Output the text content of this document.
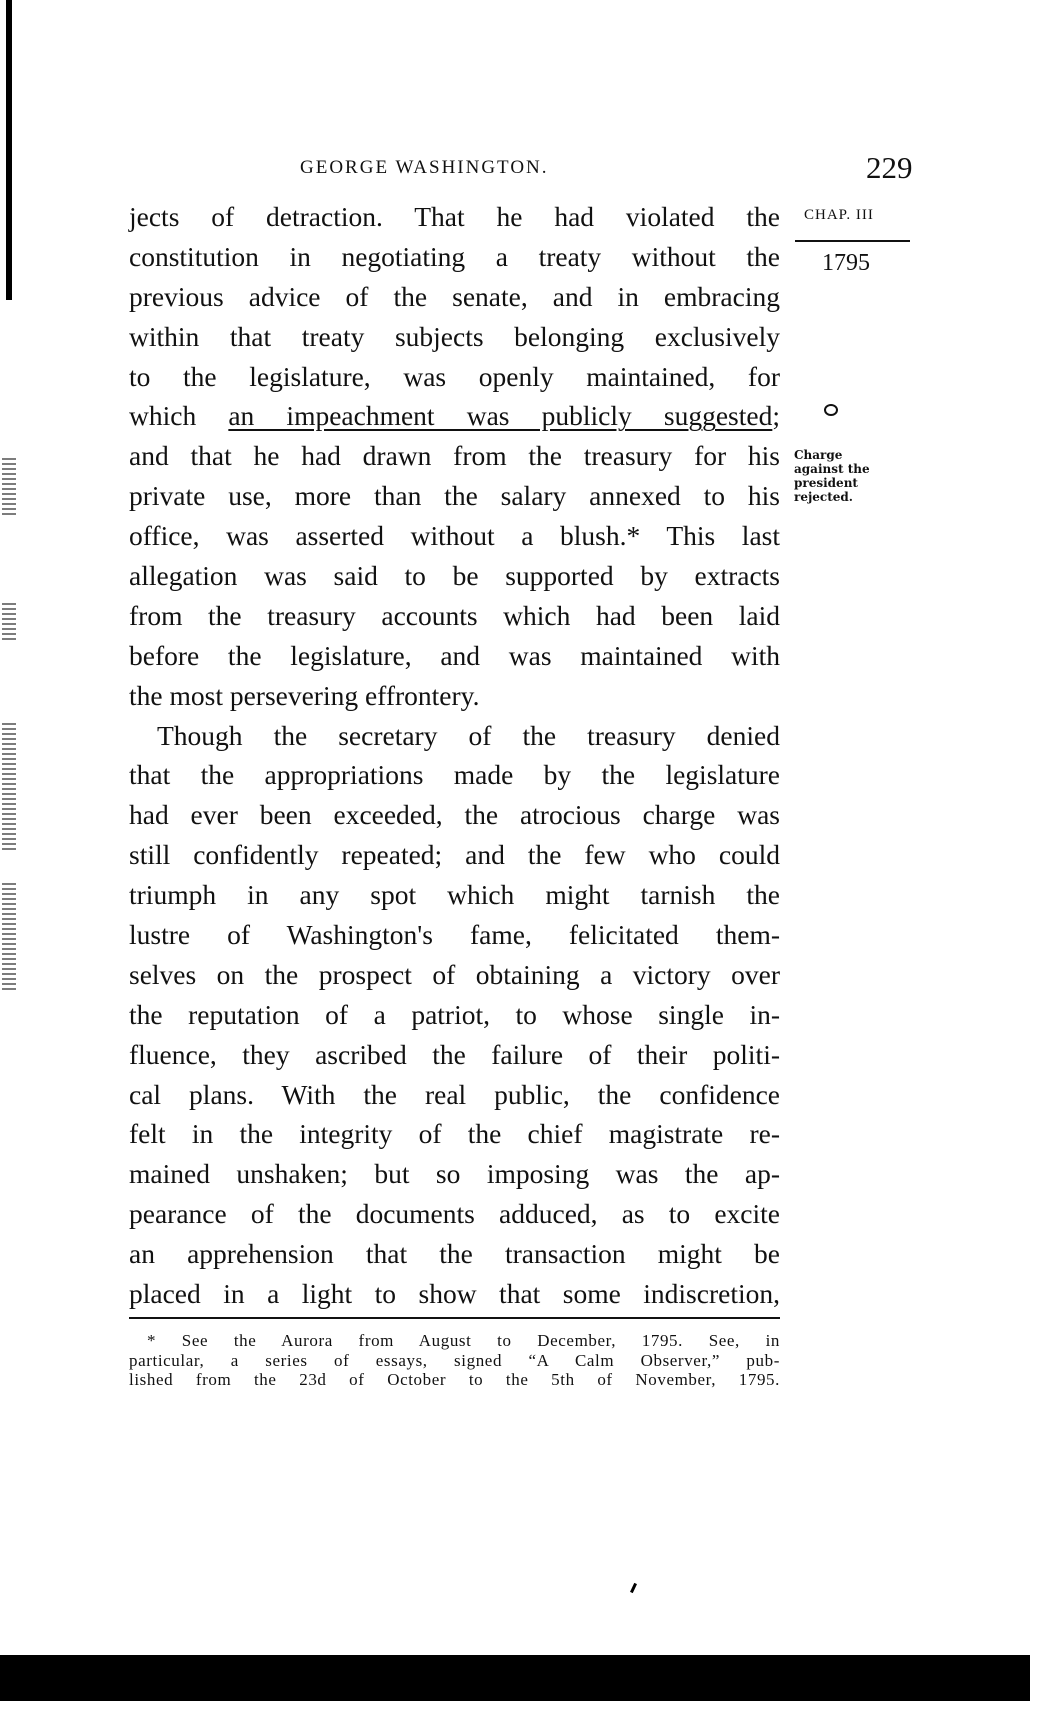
GEORGE WASHINGTON.	229
CHAP. III
1795
Charge
against the
president
rejected.
jects of detraction. That he had violated the
constitution in negotiating a treaty without the
previous advice of the senate, and in embracing
within that treaty subjects belonging exclusively
to the legislature, was openly maintained, for
which an impeachment was publicly suggested;
and that he had drawn from the treasury for his
private use, more than the salary annexed to his
office, was asserted without a blush.* This last
allegation was said to be supported by extracts
from the treasury accounts which had been laid
before the legislature, and was maintained with
the most persevering effrontery.
Though the secretary of the treasury denied
that the appropriations made by the legislature
had ever been exceeded, the atrocious charge was
still confidently repeated; and the few who could
triumph in any spot which might tarnish the
lustre of Washington's fame, felicitated them-
selves on the prospect of obtaining a victory over
the reputation of a patriot, to whose single in-
fluence, they ascribed the failure of their politi-
cal plans. With the real public, the confidence
felt in the integrity of the chief magistrate re-
mained unshaken; but so imposing was the ap-
pearance of the documents adduced, as to excite
an apprehension that the transaction might be
placed in a light to show that some indiscretion,
* See the Aurora from August to December, 1795. See, in
particular, a series of essays, signed “A Calm Observer,” pub-
lished from the 23d of October to the 5th of November, 1795.
